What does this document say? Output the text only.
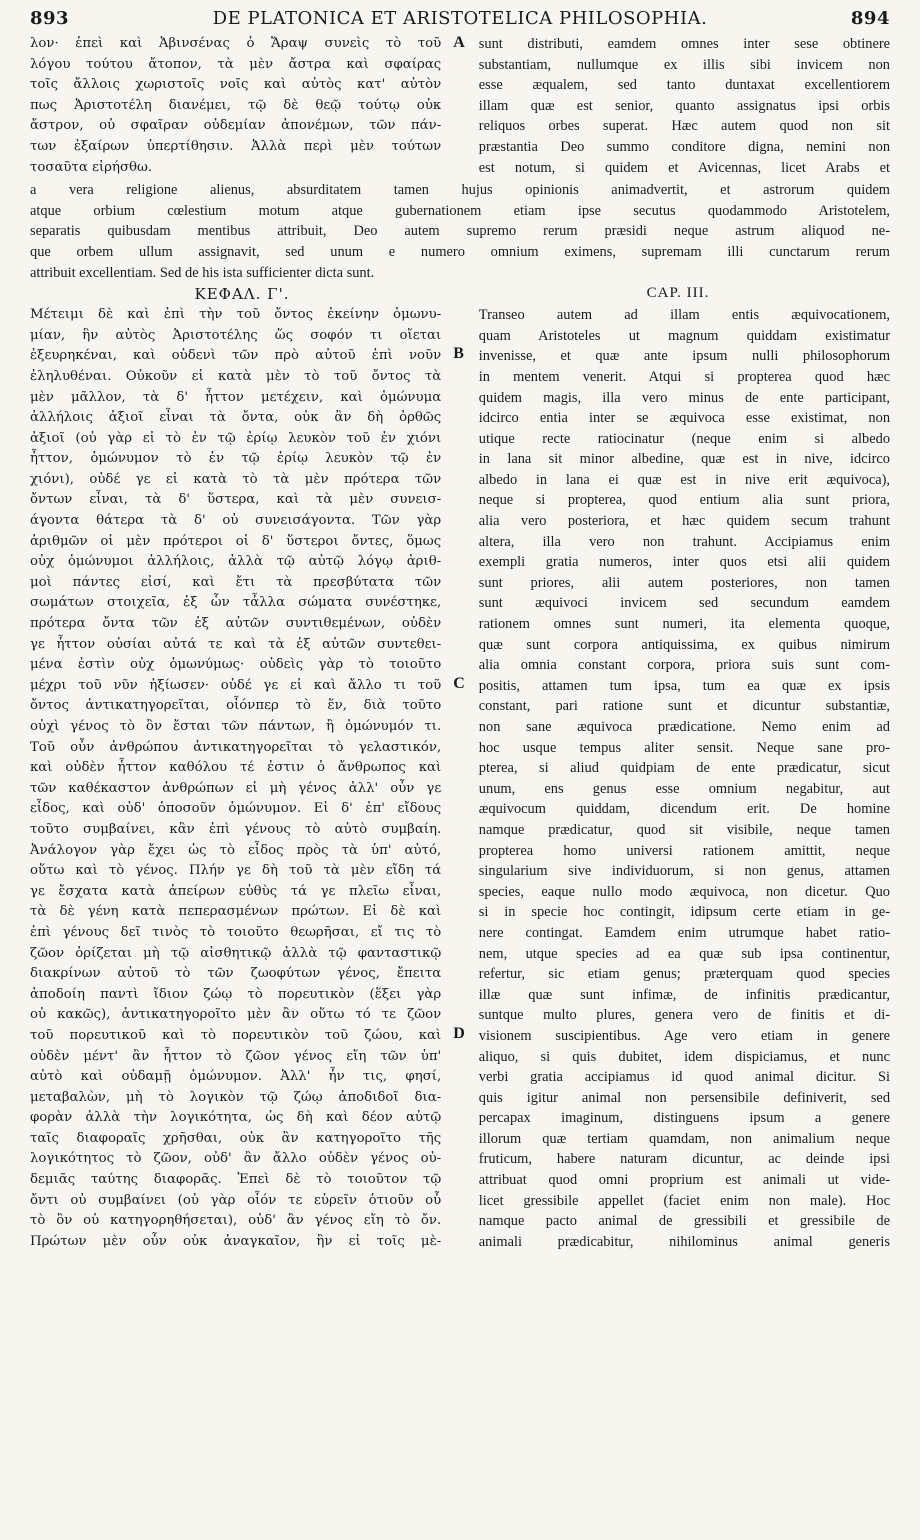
893	DE PLATONICA ET ARISTOTELICA PHILOSOPHIA.	894
λον· ἐπεὶ καὶ Ἀβινσένας ὁ Ἄραψ συνεὶς τὸ τοῦ
λόγου τούτου ἄτοπον, τὰ μὲν ἄστρα καὶ σφαίρας
τοῖς ἄλλοις χωριστοῖς νοῖς καὶ αὐτὸς κατ' αὐτὸν
πως Ἀριστοτέλη διανέμει, τῷ δὲ θεῷ τούτῳ οὐκ
ἄστρον, οὐ σφαῖραν οὐδεμίαν ἀπονέμων, τῶν πάν-
των ἐξαίρων ὑπερτίθησιν. Ἀλλὰ περὶ μὲν τούτων
τοσαῦτα εἰρήσθω.
A sunt distributi, eamdem omnes inter sese obtinere
substantiam, nullumque ex illis sibi invicem non
esse æqualem, sed tanto duntaxat excellentiorem
illam quæ est senior, quanto assignatus ipsi orbis
reliquos orbes superat. Hæc autem quod non sit
præstantia Deo summo conditore digna, nemini non
est notum, si quidem et Avicennas, licet Arabs et
a vera religione alienus, absurditatem tamen hujus opinionis animadvertit, et astrorum quidem
atque orbium cœlestium motum atque gubernationem etiam ipse secutus quodammodo Aristotelem,
separatis quibusdam mentibus attribuit, Deo autem supremo rerum præsidi neque astrum aliquod ne-
que orbem ullum assignavit, sed unum e numero omnium eximens, supremam illi cunctarum rerum
attribuit excellentiam. Sed de his ista sufficienter dicta sunt.
ΚΕΦΑΛ. Γ'.	CAP. III.
Μέτειμι δὲ καὶ ἐπὶ τὴν τοῦ ὄντος ἐκείνην ὁμωνυ-
μίαν, ἣν αὐτὸς Ἀριστοτέλης ὥς σοφόν τι οἴεται
ἐξευρηκέναι, καὶ οὐδενὶ τῶν πρὸ αὐτοῦ ἐπὶ νοῦν
ἐληλυθέναι. Οὐκοῦν εἰ κατὰ μὲν τὸ τοῦ ὄντος τὰ
μὲν μᾶλλον, τὰ δ' ἧττον μετέχειν, καὶ ὁμώνυμα
ἀλλήλοις ἀξιοῖ εἶναι τὰ ὄντα, οὐκ ἂν δὴ ὀρθῶς
ἀξιοῖ (οὐ γὰρ εἰ τὸ ἐν τῷ ἐρίῳ λευκὸν τοῦ ἐν χιόνι
ἧττον, ὁμώνυμον τὸ ἐν τῷ ἐρίῳ λευκὸν τῷ ἐν
χιόνι), οὐδέ γε εἰ κατὰ τὸ τὰ μὲν πρότερα τῶν
ὄντων εἶναι, τὰ δ' ὕστερα, καὶ τὰ μὲν συνεισ-
άγοντα θάτερα τὰ δ' οὐ συνεισάγοντα. Τῶν γὰρ
ἀριθμῶν οἱ μὲν πρότεροι οἱ δ' ὕστεροι ὄντες, ὅμως
οὐχ ὁμώνυμοι ἀλλήλοις, ἀλλὰ τῷ αὐτῷ λόγῳ ἀριθ-
μοὶ πάντες εἰσί, καὶ ἔτι τὰ πρεσβύτατα τῶν
σωμάτων στοιχεῖα, ἐξ ὧν τἆλλα σώματα συνέστηκε,
πρότερα ὄντα τῶν ἐξ αὐτῶν συντιθεμένων, οὐδὲν
γε ἧττον οὐσίαι αὐτά τε καὶ τὰ ἐξ αὐτῶν συντεθει-
μένα ἐστὶν οὐχ ὁμωνύμως· οὐδεὶς γὰρ τὸ τοιοῦτο
μέχρι τοῦ νῦν ἠξίωσεν· οὐδέ γε εἰ καὶ ἄλλο τι τοῦ
ὄντος ἀντικατηγορεῖται, οἷόνπερ τὸ ἕν, διὰ τοῦτο
οὐχὶ γένος τὸ ὂν ἔσται τῶν πάντων, ἢ ὁμώνυμόν τι.
Τοῦ οὖν ἀνθρώπου ἀντικατηγορεῖται τὸ γελαστικόν,
καὶ οὐδὲν ἧττον καθόλου τέ ἐστιν ὁ ἄνθρωπος καὶ
τῶν καθέκαστον ἀνθρώπων εἰ μὴ γένος ἀλλ' οὖν γε
εἶδος, καὶ οὐδ' ὁποσοῦν ὁμώνυμον. Εἰ δ' ἐπ' εἴδους
τοῦτο συμβαίνει, κἂν ἐπὶ γένους τὸ αὐτὸ συμβαίη.
Ἀνάλογον γὰρ ἔχει ὡς τὸ εἶδος πρὸς τὰ ὑπ' αὐτό,
οὕτω καὶ τὸ γένος. Πλήν γε δὴ τοῦ τὰ μὲν εἴδη τά
γε ἔσχατα κατὰ ἀπείρων εὐθὺς τά γε πλεῖω εἶναι,
τὰ δὲ γένη κατὰ πεπερασμένων πρώτων. Εἰ δὲ καὶ
ἐπὶ γένους δεῖ τινὸς τὸ τοιοῦτο θεωρῆσαι, εἴ τις τὸ
ζῶον ὁρίζεται μὴ τῷ αἰσθητικῷ ἀλλὰ τῷ φανταστικῷ
διακρίνων αὐτοῦ τὸ τῶν ζωοφύτων γένος, ἔπειτα
ἀποδοίη παντὶ ἴδιον ζώῳ τὸ πορευτικὸν (ἕξει γὰρ
οὐ κακῶς), ἀντικατηγοροῖτο μὲν ἂν οὕτω τό τε ζῶον
τοῦ πορευτικοῦ καὶ τὸ πορευτικὸν τοῦ ζώου, καὶ
οὐδὲν μέντ' ἂν ἧττον τὸ ζῶον γένος εἴη τῶν ὑπ'
αὐτὸ καὶ οὐδαμῇ ὁμώνυμον. Ἀλλ' ἦν τις, φησί,
μεταβαλὼν, μὴ τὸ λογικὸν τῷ ζώῳ ἀποδιδοῖ δια-
φορὰν ἀλλὰ τὴν λογικότητα, ὡς δὴ καὶ δέον αὐτῷ
ταῖς διαφοραῖς χρῆσθαι, οὐκ ἂν κατηγοροῖτο τῆς
λογικότητος τὸ ζῶον, οὐδ' ἂν ἄλλο οὐδὲν γένος οὐ-
δεμιᾶς ταύτης διαφορᾶς. Ἐπεὶ δὲ τὸ τοιοῦτον τῷ
ὄντι οὐ συμβαίνει (οὐ γὰρ οἷόν τε εὑρεῖν ὁτιοῦν οὗ
τὸ ὂν οὐ κατηγορηθήσεται), οὐδ' ἂν γένος εἴη τὸ ὄν.
Πρώτων μὲν οὖν οὐκ ἀναγκαῖον, ἢν εἰ τοῖς μὲ-
B
C
D
Transeo autem ad illam entis æquivocationem,
quam Aristoteles ut magnum quiddam existimatur
invenisse, et quæ ante ipsum nulli philosophorum
in mentem venerit. Atqui si propterea quod hæc
quidem magis, illa vero minus de ente participant,
idcirco entia inter se æquivoca esse existimat, non
utique recte ratiocinatur (neque enim si albedo
in lana sit minor albedine, quæ est in nive, idcirco
albedo in lana ei quæ est in nive erit æquivoca),
neque si propterea, quod entium alia sunt priora,
alia vero posteriora, et hæc quidem secum trahunt
altera, illa vero non trahunt. Accipiamus enim
exempli gratia numeros, inter quos etsi alii quidem
sunt priores, alii autem posteriores, non tamen
sunt æquivoci invicem sed secundum eamdem
rationem omnes sunt numeri, ita elementa quoque,
quæ sunt corpora antiquissima, ex quibus nimirum
alia omnia constant corpora, priora suis sunt com-
positis, attamen tum ipsa, tum ea quæ ex ipsis
constant, pari ratione sunt et dicuntur substantiæ,
non sane æquivoca prædicatione. Nemo enim ad
hoc usque tempus aliter sensit. Neque sane pro-
pterea, si aliud quidpiam de ente prædicatur, sicut
unum, ens genus esse omnium negabitur, aut
æquivocum quiddam, dicendum erit. De homine
namque prædicatur, quod sit visibile, neque tamen
propterea homo universi rationem amittit, neque
singularium sive individuorum, si non genus, attamen
species, eaque nullo modo æquivoca, non dicetur. Quo
si in specie hoc contingit, idipsum certe etiam in ge-
nere contingat. Eamdem enim utrumque habet ratio-
nem, utque species ad ea quæ sub ipsa continentur,
refertur, sic etiam genus; præterquam quod species
illæ quæ sunt infimæ, de infinitis prædicantur,
suntque multo plures, genera vero de finitis et di-
visionem suscipientibus. Age vero etiam in genere
aliquo, si quis dubitet, idem dispiciamus, et nunc
verbi gratia accipiamus id quod animal dicitur. Si
quis igitur animal non persensibile definiverit, sed
percapax imaginum, distinguens ipsum a genere
illorum quæ tertiam quamdam, non animalium neque
fruticum, habere naturam dicuntur, ac deinde ipsi
attribuat quod omni proprium est animali ut vide-
licet gressibile appellet (faciet enim non male). Hoc
namque pacto animal de gressibili et gressibile de
animali prædicabitur, nihilominus animal generis
